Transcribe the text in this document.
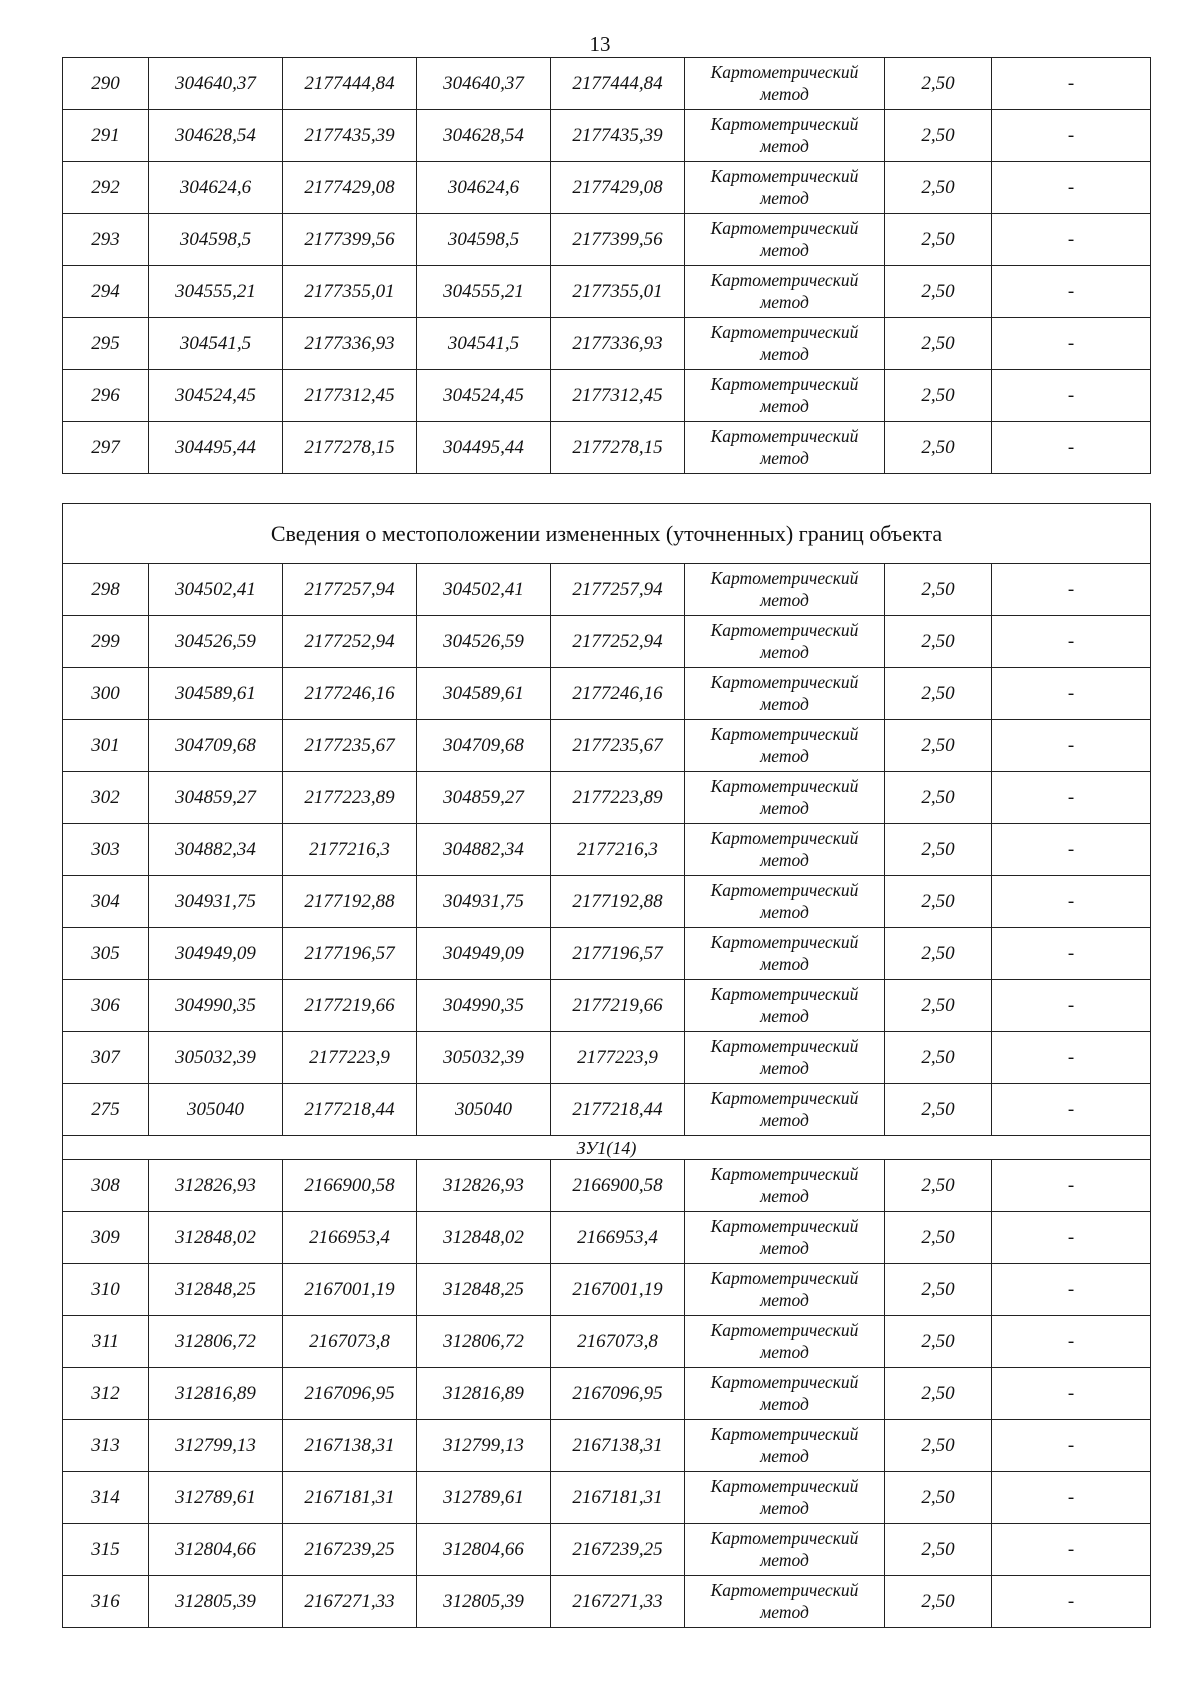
13
290	304640,37	2177444,84	304640,37	2177444,84	Картометрический метод	2,50	-
291	304628,54	2177435,39	304628,54	2177435,39	Картометрический метод	2,50	-
292	304624,6	2177429,08	304624,6	2177429,08	Картометрический метод	2,50	-
293	304598,5	2177399,56	304598,5	2177399,56	Картометрический метод	2,50	-
294	304555,21	2177355,01	304555,21	2177355,01	Картометрический метод	2,50	-
295	304541,5	2177336,93	304541,5	2177336,93	Картометрический метод	2,50	-
296	304524,45	2177312,45	304524,45	2177312,45	Картометрический метод	2,50	-
297	304495,44	2177278,15	304495,44	2177278,15	Картометрический метод	2,50	-
Сведения о местоположении измененных (уточненных) границ объекта							
298	304502,41	2177257,94	304502,41	2177257,94	Картометрический метод	2,50	-
299	304526,59	2177252,94	304526,59	2177252,94	Картометрический метод	2,50	-
300	304589,61	2177246,16	304589,61	2177246,16	Картометрический метод	2,50	-
301	304709,68	2177235,67	304709,68	2177235,67	Картометрический метод	2,50	-
302	304859,27	2177223,89	304859,27	2177223,89	Картометрический метод	2,50	-
303	304882,34	2177216,3	304882,34	2177216,3	Картометрический метод	2,50	-
304	304931,75	2177192,88	304931,75	2177192,88	Картометрический метод	2,50	-
305	304949,09	2177196,57	304949,09	2177196,57	Картометрический метод	2,50	-
306	304990,35	2177219,66	304990,35	2177219,66	Картометрический метод	2,50	-
307	305032,39	2177223,9	305032,39	2177223,9	Картометрический метод	2,50	-
275	305040	2177218,44	305040	2177218,44	Картометрический метод	2,50	-
ЗУ1(14)							
308	312826,93	2166900,58	312826,93	2166900,58	Картометрический метод	2,50	-
309	312848,02	2166953,4	312848,02	2166953,4	Картометрический метод	2,50	-
310	312848,25	2167001,19	312848,25	2167001,19	Картометрический метод	2,50	-
311	312806,72	2167073,8	312806,72	2167073,8	Картометрический метод	2,50	-
312	312816,89	2167096,95	312816,89	2167096,95	Картометрический метод	2,50	-
313	312799,13	2167138,31	312799,13	2167138,31	Картометрический метод	2,50	-
314	312789,61	2167181,31	312789,61	2167181,31	Картометрический метод	2,50	-
315	312804,66	2167239,25	312804,66	2167239,25	Картометрический метод	2,50	-
316	312805,39	2167271,33	312805,39	2167271,33	Картометрический метод	2,50	-
